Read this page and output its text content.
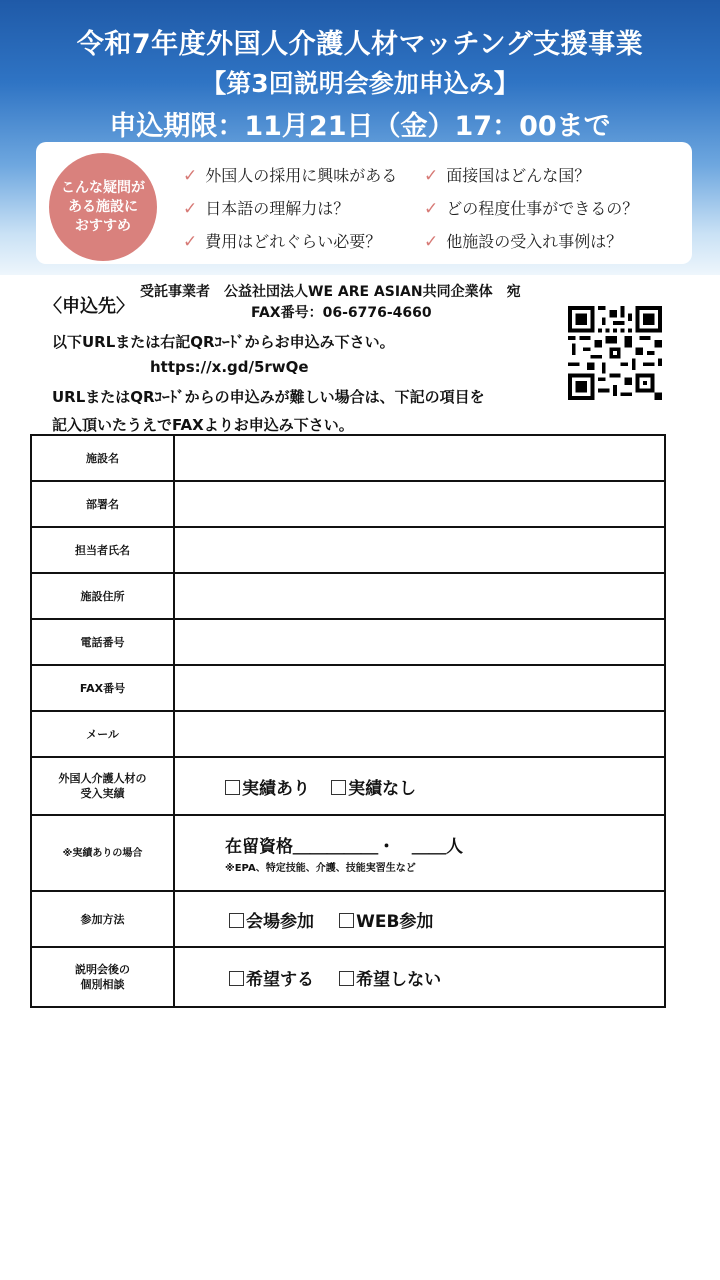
令和7年度外国人介護人材マッチング支援事業
【第3回説明会参加申込み】
申込期限：11月21日（金）17：00まで
こんな疑問が
ある施設に
おすすめ
✓ 外国人の採用に興味がある
✓ 日本語の理解力は？
✓ 費用はどれぐらい必要？
✓ 面接国はどんな国？
✓ どの程度仕事ができるの？
✓ 他施設の受入れ事例は？
〈申込先〉
受託事業者　公益社団法人WE ARE ASIAN共同企業体　宛
FAX番号：06-6776-4660
以下URLまたは右記QRｺｰﾄﾞからお申込み下さい。
https://x.gd/5rwQe
URLまたはQRｺｰﾄﾞからの申込みが難しい場合は、下記の項目を
記入頂いたうえでFAXよりお申込み下さい。
施設名	
部署名	
担当者氏名	
施設住所	
電話番号	
FAX番号	
メール	
外国人介護人材の
受入実績	実績あり 実績なし
※実績ありの場合	在留資格＿＿＿＿＿・　＿＿人
※EPA、特定技能、介護、技能実習生など

参加方法	会場参加 WEB参加
説明会後の
個別相談	希望する 希望しない
